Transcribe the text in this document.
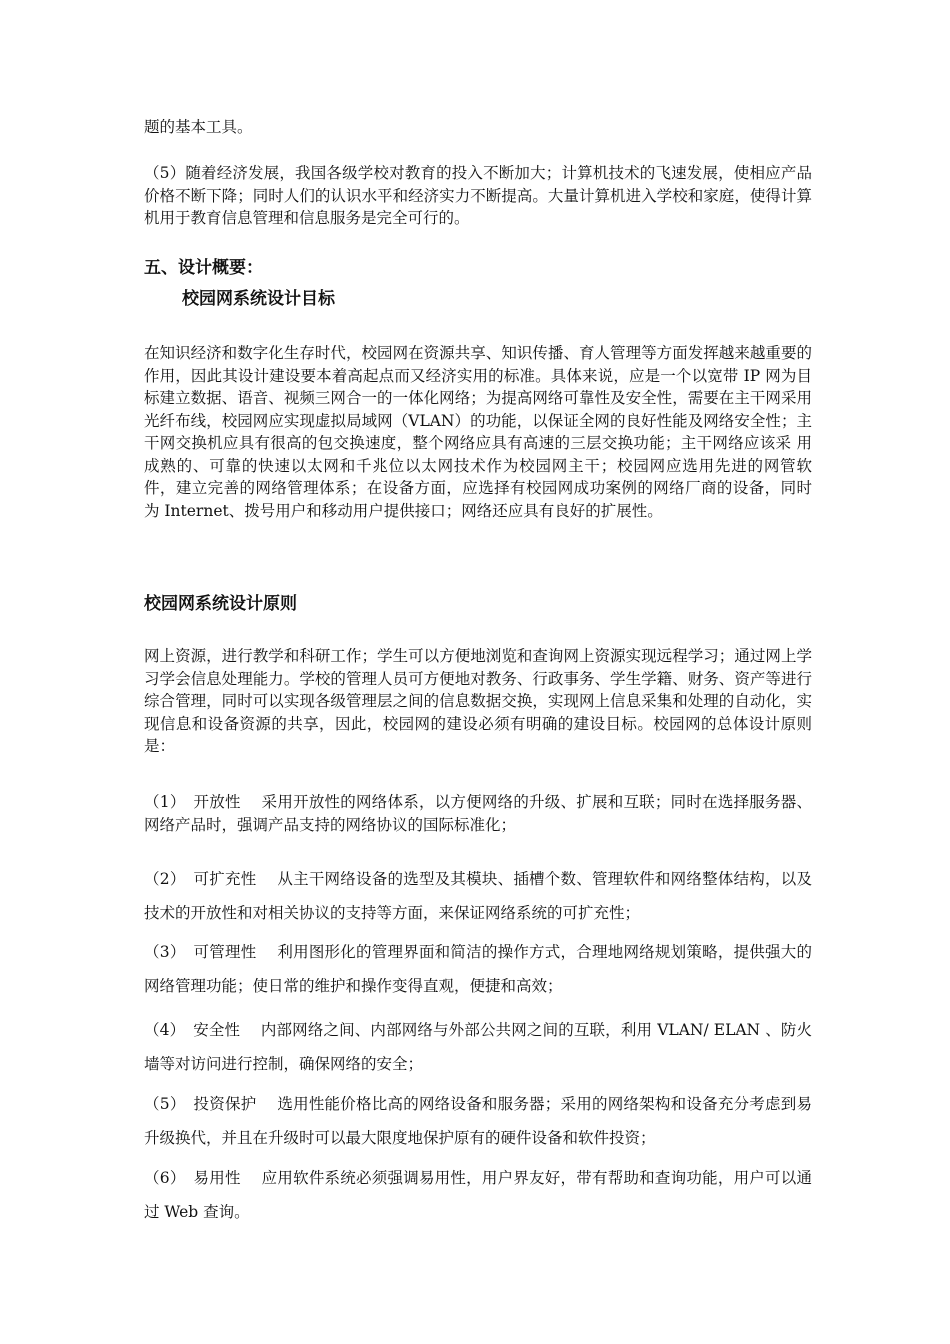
题的基本工具。

（5）随着经济发展，我国各级学校对教育的投入不断加大；计算机技术的飞速发展，使相应产品价格不断下降；同时人们的认识水平和经济实力不断提高。大量计算机进入学校和家庭，使得计算机用于教育信息管理和信息服务是完全可行的。

五、设计概要：
校园网系统设计目标

在知识经济和数字化生存时代，校园网在资源共享、知识传播、育人管理等方面发挥越来越重要的作用，因此其设计建设要本着高起点而又经济实用的标准。具体来说，应是一个以宽带 IP 网为目标建立数据、语音、视频三网合一的一体化网络；为提高网络可靠性及安全性，需要在主干网采用光纤布线，校园网应实现虚拟局域网（VLAN）的功能，以保证全网的良好性能及网络安全性；主干网交换机应具有很高的包交换速度，整个网络应具有高速的三层交换功能；主干网络应该采 用成熟的、可靠的快速以太网和千兆位以太网技术作为校园网主干；校园网应选用先进的网管软 件，建立完善的网络管理体系；在设备方面，应选择有校园网成功案例的网络厂商的设备，同时 为 Internet、拨号用户和移动用户提供接口；网络还应具有良好的扩展性。

校园网系统设计原则

网上资源，进行教学和科研工作；学生可以方便地浏览和查询网上资源实现远程学习；通过网上学习学会信息处理能力。学校的管理人员可方便地对教务、行政事务、学生学籍、财务、资产等进行综合管理，同时可以实现各级管理层之间的信息数据交换，实现网上信息采集和处理的自动化，实现信息和设备资源的共享，因此，校园网的建设必须有明确的建设目标。校园网的总体设计原则是：

（1）　开放性　 采用开放性的网络体系，以方便网络的升级、扩展和互联；同时在选择服务器、网络产品时，强调产品支持的网络协议的国际标准化；

（2）　可扩充性　 从主干网络设备的选型及其模块、插槽个数、管理软件和网络整体结构，以及技术的开放性和对相关协议的支持等方面，来保证网络系统的可扩充性；

（3）　可管理性　 利用图形化的管理界面和简洁的操作方式，合理地网络规划策略，提供强大的网络管理功能；使日常的维护和操作变得直观，便捷和高效；

（4）　安全性　 内部网络之间、内部网络与外部公共网之间的互联，利用 VLAN/ ELAN 、防火墙等对访问进行控制，确保网络的安全；

（5）　投资保护　 选用性能价格比高的网络设备和服务器；采用的网络架构和设备充分考虑到易升级换代，并且在升级时可以最大限度地保护原有的硬件设备和软件投资；

（6）　易用性　 应用软件系统必须强调易用性，用户界友好，带有帮助和查询功能，用户可以通过 Web 查询。
